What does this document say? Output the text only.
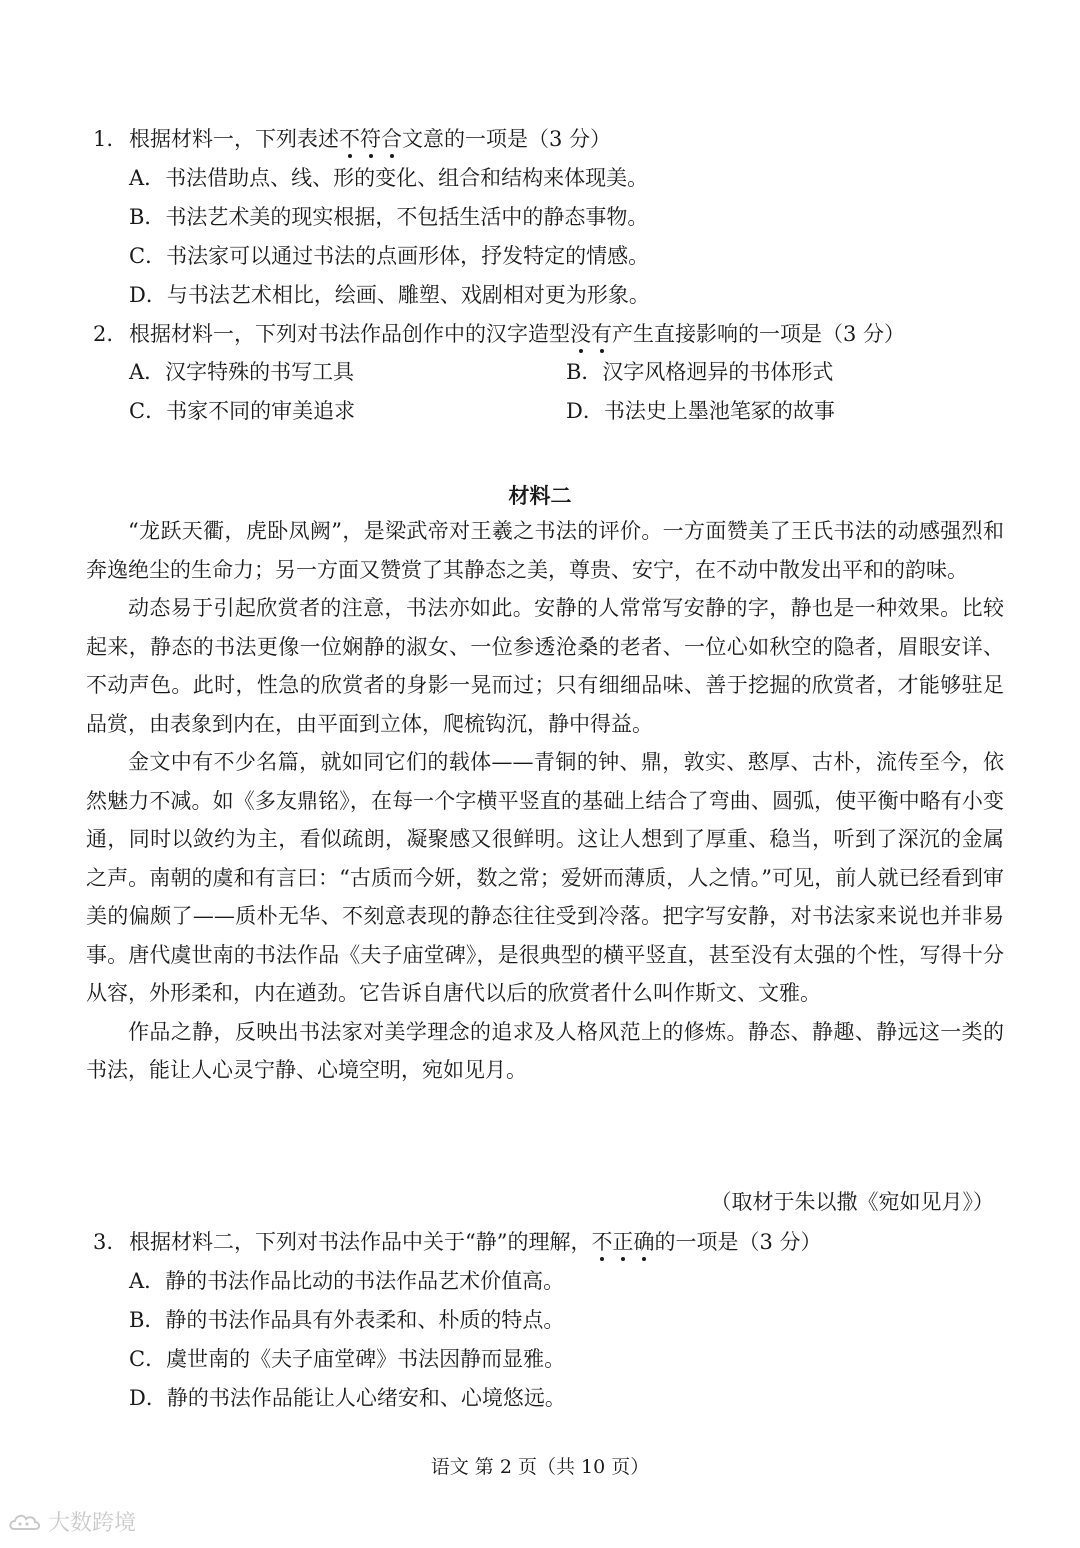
1. 根据材料一，下列表述不符合文意的一项是（3 分）
A．书法借助点、线、形的变化、组合和结构来体现美。
B．书法艺术美的现实根据，不包括生活中的静态事物。
C．书法家可以通过书法的点画形体，抒发特定的情感。
D．与书法艺术相比，绘画、雕塑、戏剧相对更为形象。
2. 根据材料一，下列对书法作品创作中的汉字造型没有产生直接影响的一项是（3 分）
A．汉字特殊的书写工具	B．汉字风格迥异的书体形式
C．书家不同的审美追求	D．书法史上墨池笔冢的故事
材料二

“龙跃天衢，虎卧凤阙”，是梁武帝对王羲之书法的评价。一方面赞美了王氏书法的动感强烈和奔逸绝尘的生命力；另一方面又赞赏了其静态之美，尊贵、安宁，在不动中散发出平和的韵味。

动态易于引起欣赏者的注意，书法亦如此。安静的人常常写安静的字，静也是一种效果。比较起来，静态的书法更像一位娴静的淑女、一位参透沧桑的老者、一位心如秋空的隐者，眉眼安详、不动声色。此时，性急的欣赏者的身影一晃而过；只有细细品味、善于挖掘的欣赏者，才能够驻足品赏，由表象到内在，由平面到立体，爬梳钩沉，静中得益。

金文中有不少名篇，就如同它们的载体——青铜的钟、鼎，敦实、憨厚、古朴，流传至今，依然魅力不减。如《多友鼎铭》，在每一个字横平竖直的基础上结合了弯曲、圆弧，使平衡中略有小变通，同时以敛约为主，看似疏朗，凝聚感又很鲜明。这让人想到了厚重、稳当，听到了深沉的金属之声。南朝的虞和有言曰：“古质而今妍，数之常；爱妍而薄质，人之情。”可见，前人就已经看到审美的偏颇了——质朴无华、不刻意表现的静态往往受到冷落。把字写安静，对书法家来说也并非易事。唐代虞世南的书法作品《夫子庙堂碑》，是很典型的横平竖直，甚至没有太强的个性，写得十分从容，外形柔和，内在遒劲。它告诉自唐代以后的欣赏者什么叫作斯文、文雅。

作品之静，反映出书法家对美学理念的追求及人格风范上的修炼。静态、静趣、静远这一类的书法，能让人心灵宁静、心境空明，宛如见月。

（取材于朱以撒《宛如见月》）
3. 根据材料二，下列对书法作品中关于“静”的理解，不正确的一项是（3 分）
A．静的书法作品比动的书法作品艺术价值高。
B．静的书法作品具有外表柔和、朴质的特点。
C．虞世南的《夫子庙堂碑》书法因静而显雅。
D．静的书法作品能让人心绪安和、心境悠远。
语文 第 2 页（共 10 页）
大数跨境
